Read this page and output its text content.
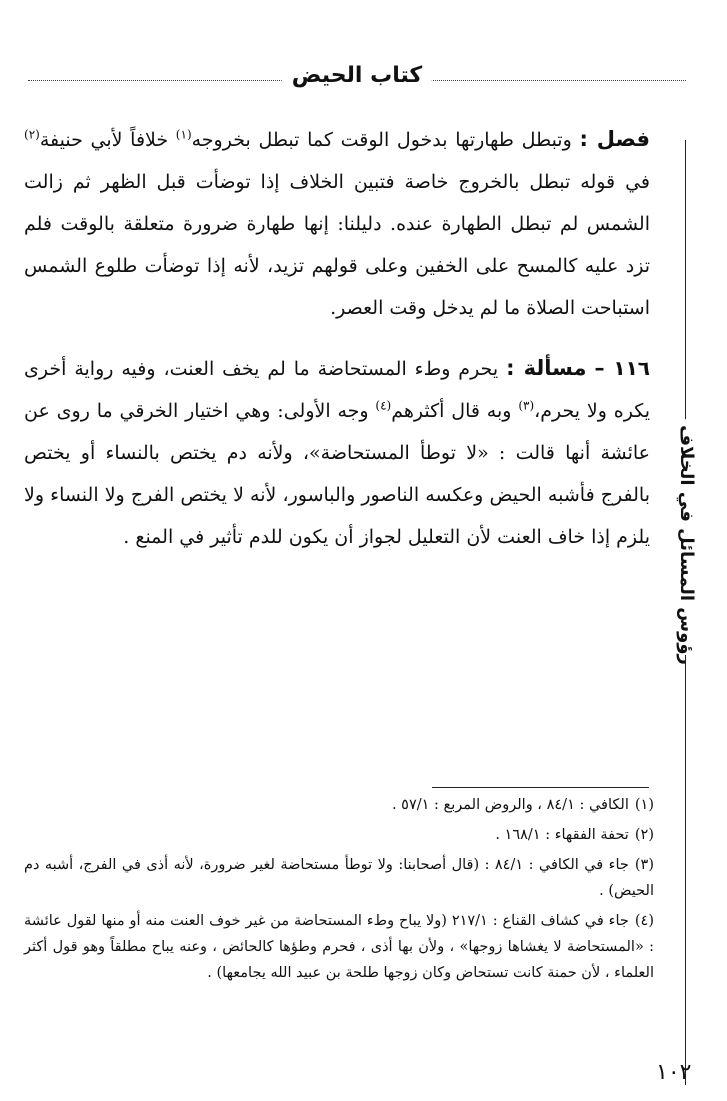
كتاب الحيض
رؤوس المسائل في الخلاف

فصل : وتبطل طهارتها بدخول الوقت كما تبطل بخروجه$^{(١)}$ خلافاً لأبي حنيفة$^{(٢)}$ في قوله تبطل بالخروج خاصة فتبين الخلاف إذا توضأت قبل الظهر ثم زالت الشمس لم تبطل الطهارة عنده. دليلنا: إنها طهارة ضرورة متعلقة بالوقت فلم تزد عليه كالمسح على الخفين وعلى قولهم تزيد، لأنه إذا توضأت طلوع الشمس استباحت الصلاة ما لم يدخل وقت العصر.

١١٦ – مسألة : يحرم وطء المستحاضة ما لم يخف العنت، وفيه رواية أخرى يكره ولا يحرم،$^{(٣)}$ وبه قال أكثرهم$^{(٤)}$ وجه الأولى: وهي اختيار الخرقي ما روى عن عائشة أنها قالت : «لا توطأ المستحاضة»، ولأنه دم يختص بالنساء أو يختص بالفرج فأشبه الحيض وعكسه الناصور والباسور، لأنه لا يختص الفرج ولا النساء ولا يلزم إذا خاف العنت لأن التعليل لجواز أن يكون للدم تأثير في المنع .

(١)الكافي : ٨٤/١ ، والروض المربع : ٥٧/١ .
(٢)تحفة الفقهاء : ١٦٨/١ .
(٣)جاء في الكافي : ٨٤/١ : (قال أصحابنا: ولا توطأ مستحاضة لغير ضرورة، لأنه أذى في الفرج، أشبه دم الحيض) .
(٤)جاء في كشاف القناع : ٢١٧/١ (ولا يباح وطء المستحاضة من غير خوف العنت منه أو منها لقول عائشة : «المستحاضة لا يغشاها زوجها» ، ولأن بها أذى ، فحرم وطؤها كالحائض ، وعنه يباح مطلقاً وهو قول أكثر العلماء ، لأن حمنة كانت تستحاض وكان زوجها طلحة بن عبيد الله يجامعها) .
١٠٢
